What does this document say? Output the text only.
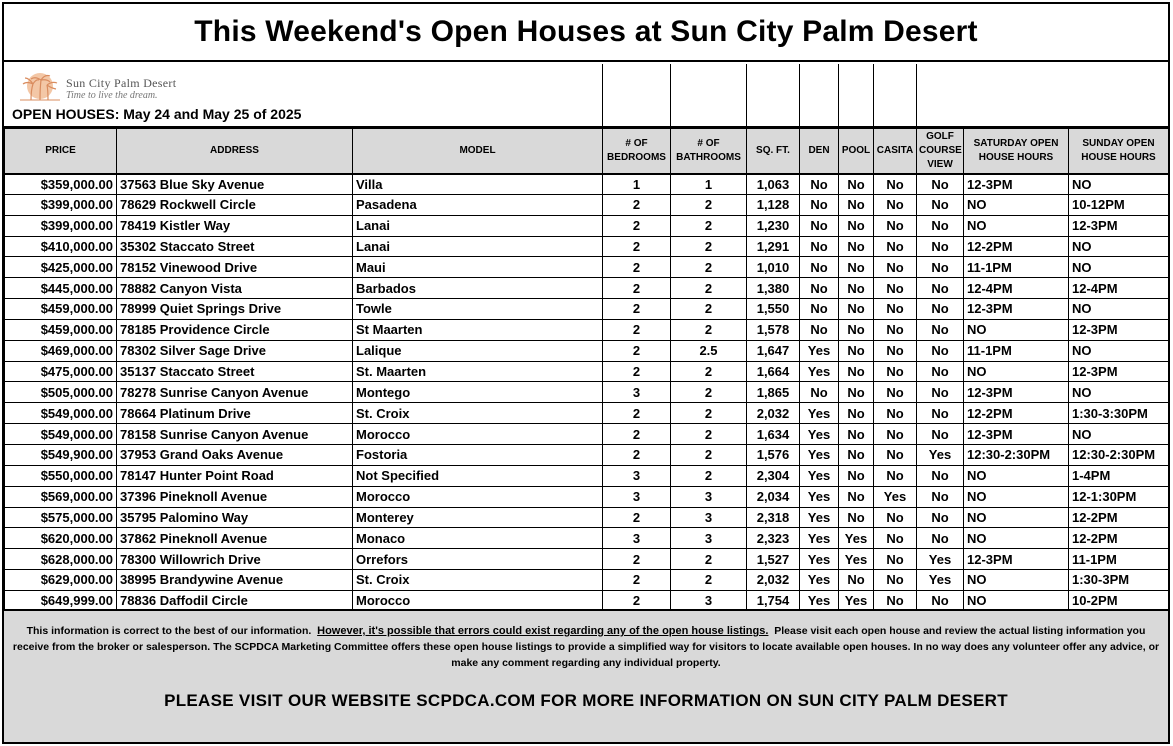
This Weekend's Open Houses at Sun City Palm Desert
Sun City Palm Desert
Time to live the dream.
OPEN HOUSES: May 24 and May 25 of 2025
PRICE	ADDRESS	MODEL	# OF BEDROOMS	# OF BATHROOMS	SQ. FT.	DEN	POOL	CASITA	GOLF COURSE VIEW	SATURDAY OPEN HOUSE HOURS	SUNDAY OPEN HOUSE HOURS
$359,000.00	37563 Blue Sky Avenue	Villa	1	1	1,063	No	No	No	No	12-3PM	NO
$399,000.00	78629 Rockwell Circle	Pasadena	2	2	1,128	No	No	No	No	NO	10-12PM
$399,000.00	78419 Kistler Way	Lanai	2	2	1,230	No	No	No	No	NO	12-3PM
$410,000.00	35302 Staccato Street	Lanai	2	2	1,291	No	No	No	No	12-2PM	NO
$425,000.00	78152 Vinewood Drive	Maui	2	2	1,010	No	No	No	No	11-1PM	NO
$445,000.00	78882 Canyon Vista	Barbados	2	2	1,380	No	No	No	No	12-4PM	12-4PM
$459,000.00	78999 Quiet Springs Drive	Towle	2	2	1,550	No	No	No	No	12-3PM	NO
$459,000.00	78185 Providence Circle	St Maarten	2	2	1,578	No	No	No	No	NO	12-3PM
$469,000.00	78302 Silver Sage Drive	Lalique	2	2.5	1,647	Yes	No	No	No	11-1PM	NO
$475,000.00	35137 Staccato Street	St. Maarten	2	2	1,664	Yes	No	No	No	NO	12-3PM
$505,000.00	78278 Sunrise Canyon Avenue	Montego	3	2	1,865	No	No	No	No	12-3PM	NO
$549,000.00	78664 Platinum Drive	St. Croix	2	2	2,032	Yes	No	No	No	12-2PM	1:30-3:30PM
$549,000.00	78158 Sunrise Canyon Avenue	Morocco	2	2	1,634	Yes	No	No	No	12-3PM	NO
$549,900.00	37953 Grand Oaks Avenue	Fostoria	2	2	1,576	Yes	No	No	Yes	12:30-2:30PM	12:30-2:30PM
$550,000.00	78147 Hunter Point Road	Not Specified	3	2	2,304	Yes	No	No	No	NO	1-4PM
$569,000.00	37396 Pineknoll Avenue	Morocco	3	3	2,034	Yes	No	Yes	No	NO	12-1:30PM
$575,000.00	35795 Palomino Way	Monterey	2	3	2,318	Yes	No	No	No	NO	12-2PM
$620,000.00	37862 Pineknoll Avenue	Monaco	3	3	2,323	Yes	Yes	No	No	NO	12-2PM
$628,000.00	78300 Willowrich Drive	Orrefors	2	2	1,527	Yes	Yes	No	Yes	12-3PM	11-1PM
$629,000.00	38995 Brandywine Avenue	St. Croix	2	2	2,032	Yes	No	No	Yes	NO	1:30-3PM
$649,999.00	78836 Daffodil Circle	Morocco	2	3	1,754	Yes	Yes	No	No	NO	10-2PM
This information is correct to the best of our information. However, it's possible that errors could exist regarding any of the open house listings. Please visit each open house and review the actual listing information you receive from the broker or salesperson. The SCPDCA Marketing Committee offers these open house listings to provide a simplified way for visitors to locate available open houses. In no way does any volunteer offer any advice, or make any comment regarding any individual property.
PLEASE VISIT OUR WEBSITE SCPDCA.COM FOR MORE INFORMATION ON SUN CITY PALM DESERT
